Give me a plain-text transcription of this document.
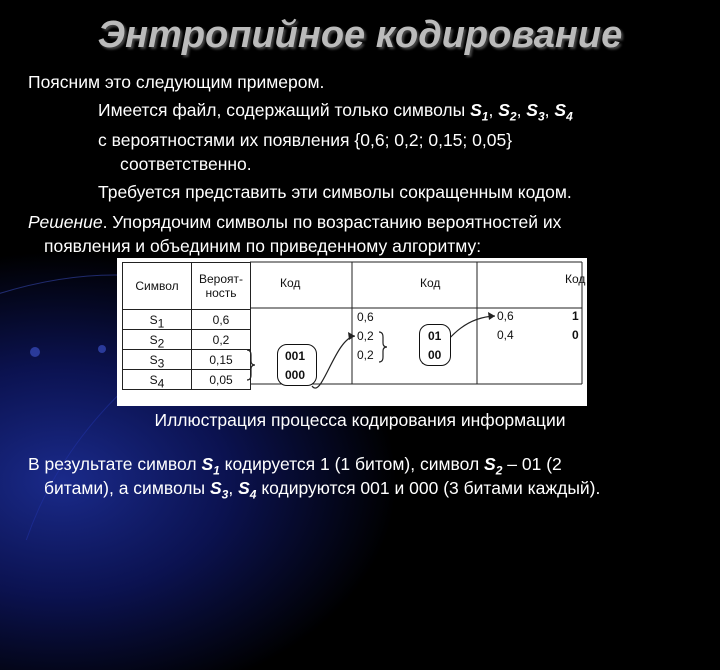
Энтропийное кодирование
Поясним это следующим примером.
Имеется файл, содержащий только символы $S_1$, $S_2$, $S_3$, $S_4$
с вероятностями их появления {0,6; 0,2; 0,15; 0,05}
соответственно.
Требуется представить эти символы сокращенным кодом.
Решение. Упорядочим символы по возрастанию вероятностей их
появления и объединим по приведенному алгоритму:
Символ	Вероят-
ность

$S_1$	0,6
$S_2$	0,2
$S_3$	0,15
$S_4$	0,05
Код	Код	Код
001
000
0,6
0,2
0,2
01
00
0,6
0,4
1
0
Иллюстрация процесса кодирования информации
В результате символ $S_1$ кодируется 1 (1 битом), символ $S_2 - 01$ (2
битами), а символы $S_3$, $S_4$ кодируются 001 и 000 (3 битами каждый).
